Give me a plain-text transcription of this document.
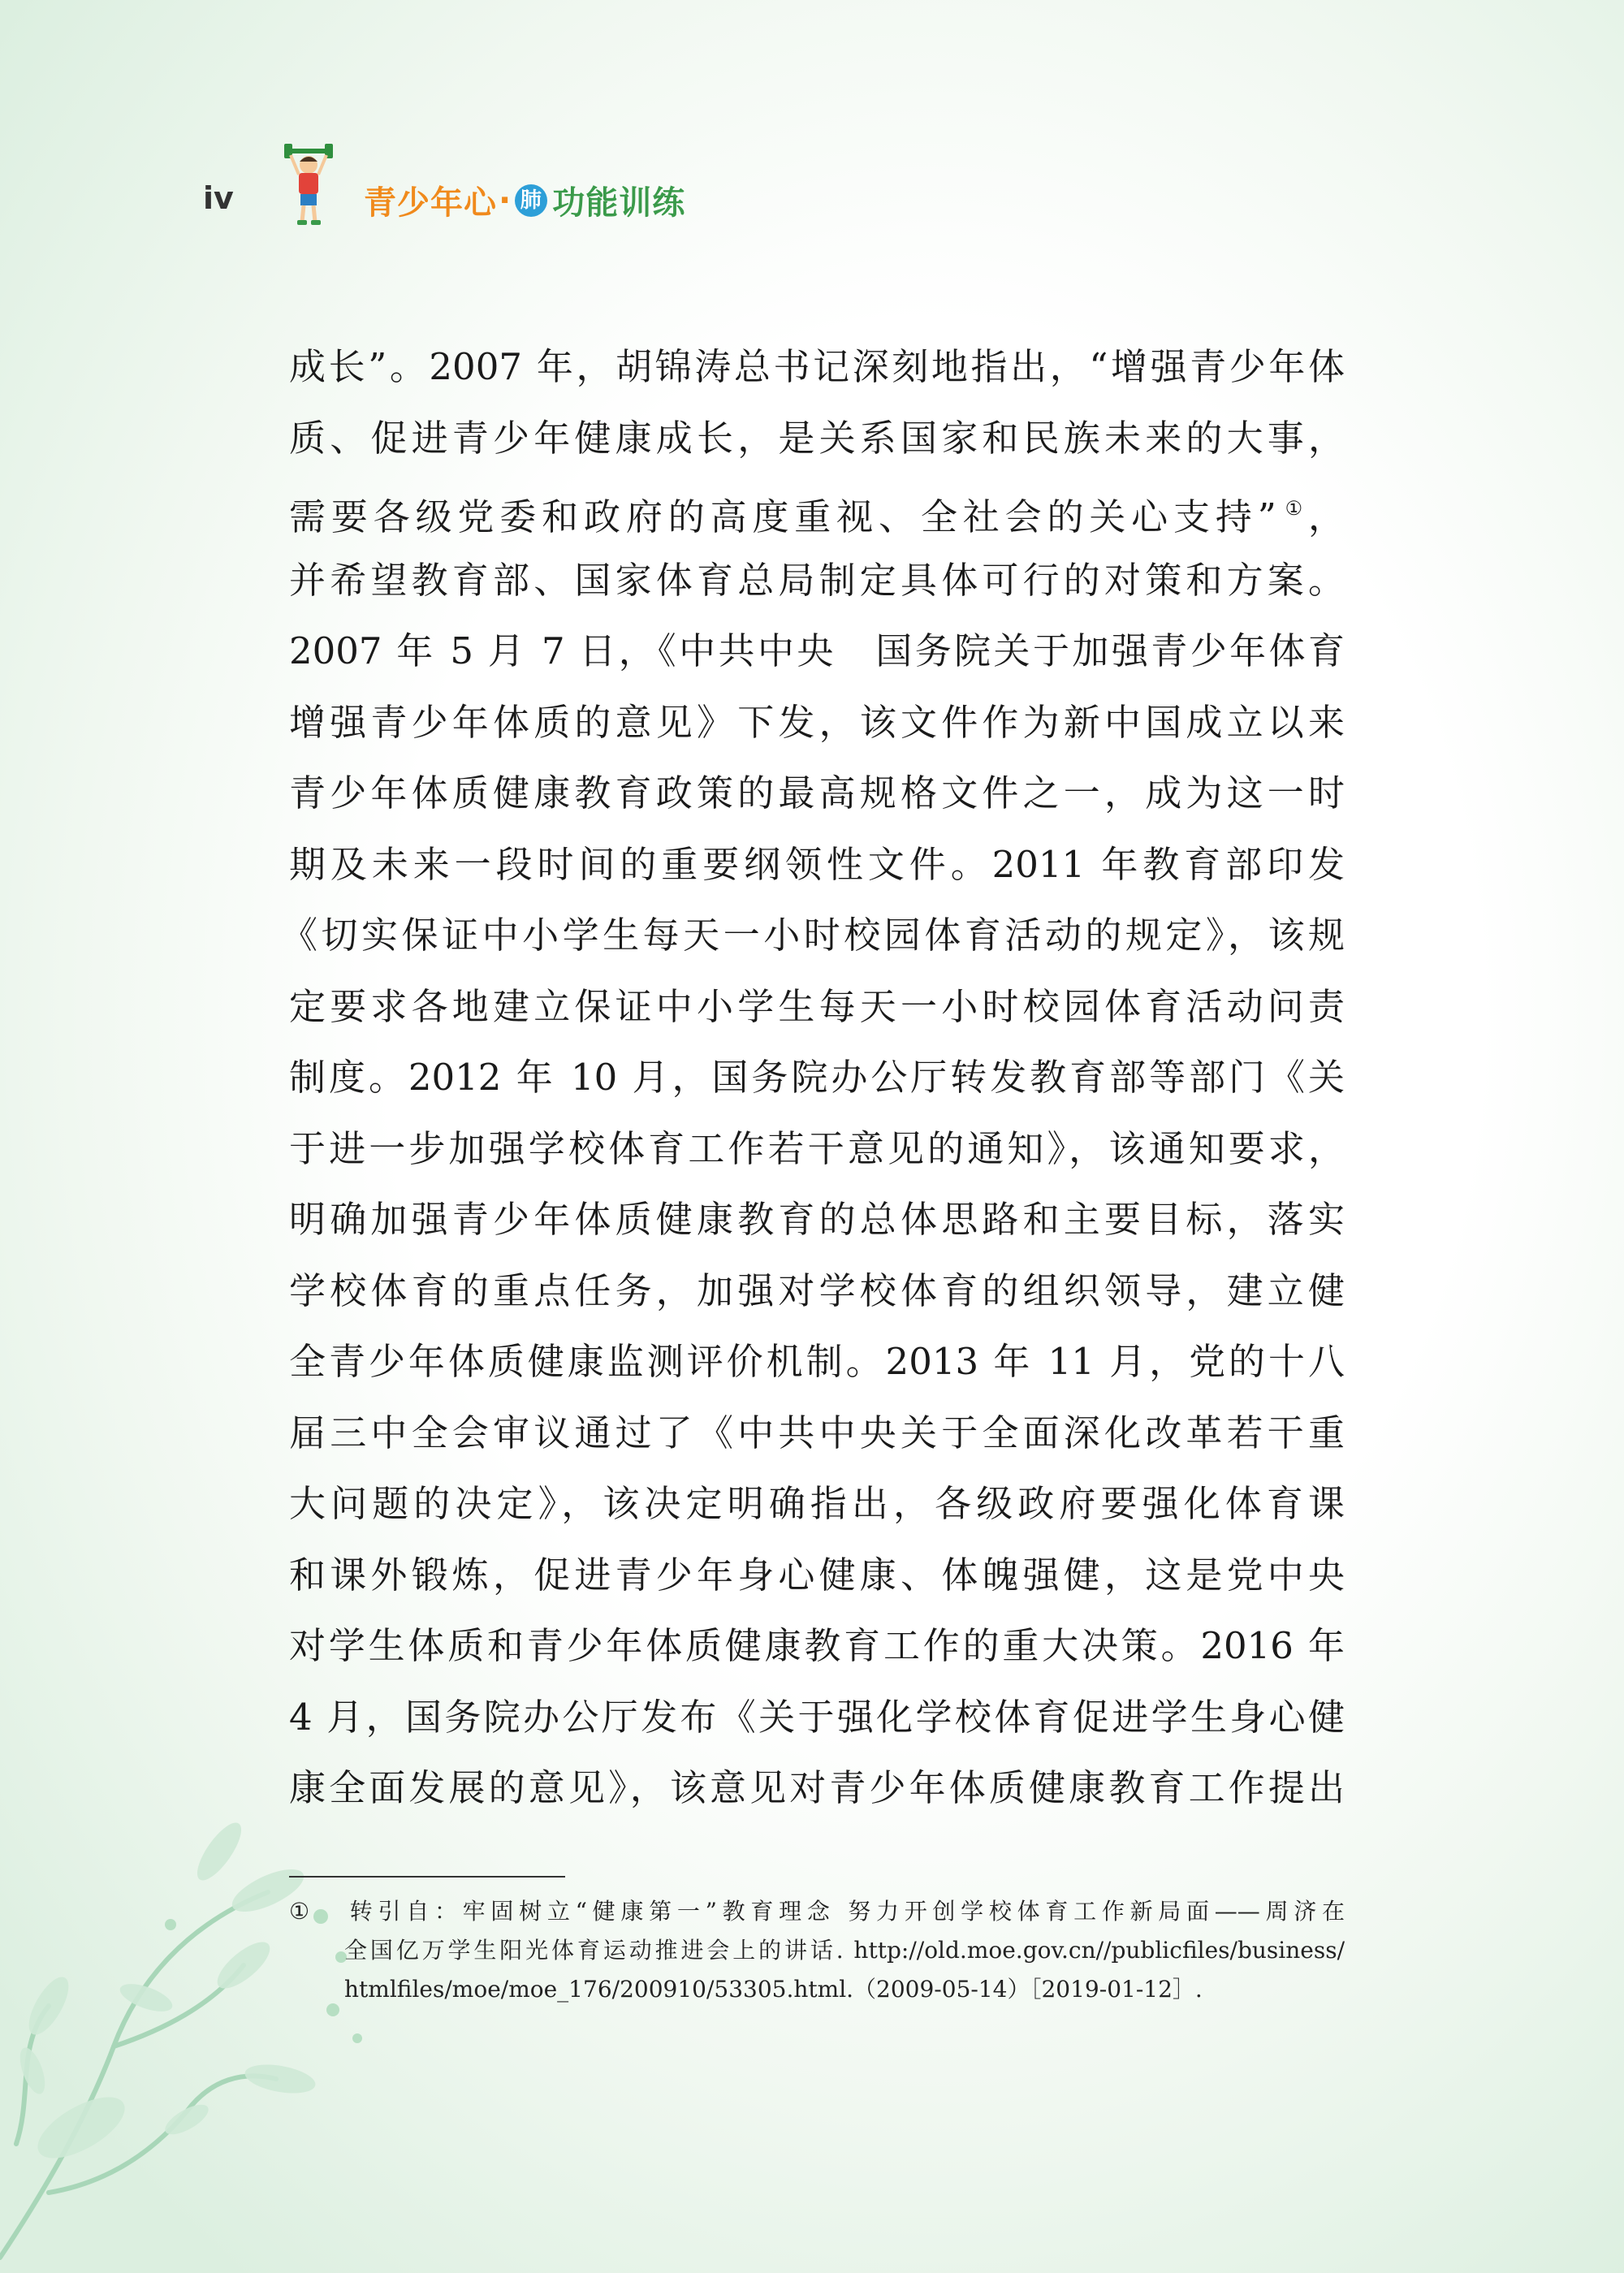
iv	青少年心 · 肺 功能训练
成长”。2007 年，胡锦涛总书记深刻地指出，“增强青少年体
质、促进青少年健康成长，是关系国家和民族未来的大事，
需要各级党委和政府的高度重视、全社会的关心支持” ①，
并希望教育部、国家体育总局制定具体可行的对策和方案。
2007 年 5 月 7 日，《中共中央　国务院关于加强青少年体育
增强青少年体质的意见》下发，该文件作为新中国成立以来
青少年体质健康教育政策的最高规格文件之一，成为这一时
期及未来一段时间的重要纲领性文件。2011 年教育部印发
《切实保证中小学生每天一小时校园体育活动的规定》，该规
定要求各地建立保证中小学生每天一小时校园体育活动问责
制度。2012 年 10 月，国务院办公厅转发教育部等部门《关
于进一步加强学校体育工作若干意见的通知》，该通知要求，
明确加强青少年体质健康教育的总体思路和主要目标，落实
学校体育的重点任务，加强对学校体育的组织领导，建立健
全青少年体质健康监测评价机制。2013 年 11 月，党的十八
届三中全会审议通过了《中共中央关于全面深化改革若干重
大问题的决定》，该决定明确指出，各级政府要强化体育课
和课外锻炼，促进青少年身心健康、体魄强健，这是党中央
对学生体质和青少年体质健康教育工作的重大决策。2016 年
4 月，国务院办公厅发布《关于强化学校体育促进学生身心健
康全面发展的意见》，该意见对青少年体质健康教育工作提出
① 转引自：牢固树立“健康第一”教育理念 努力开创学校体育工作新局面——周济在
全国亿万学生阳光体育运动推进会上的讲话. http://old.moe.gov.cn//publicfiles/business/
htmlfiles/moe/moe_176/200910/53305.html.（2009-05-14）［2019-01-12］.
